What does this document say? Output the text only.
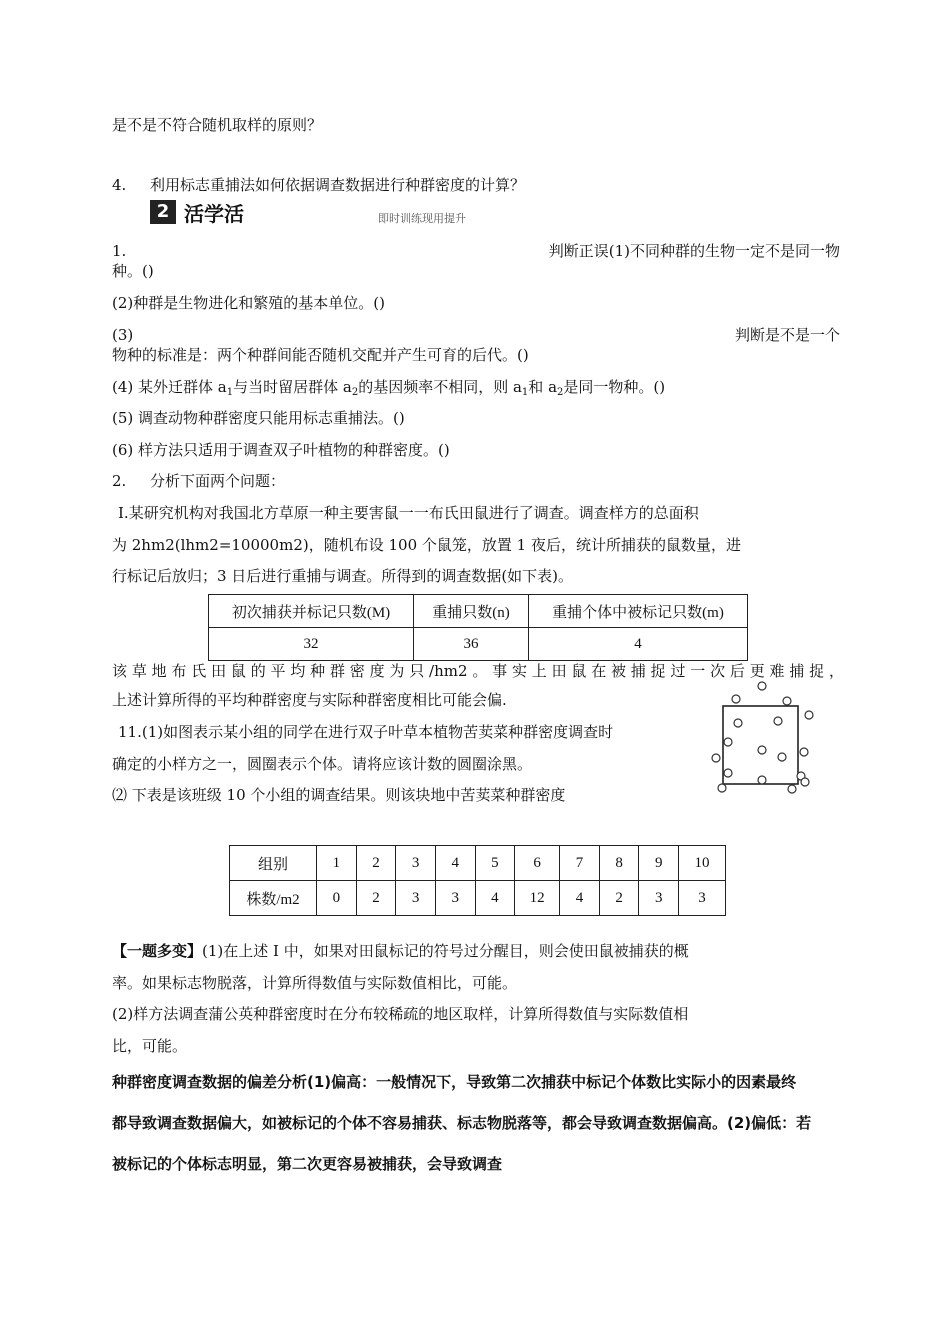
是不是不符合随机取样的原则？
4. 利用标志重捕法如何依据调查数据进行种群密度的计算？
2 活学活	即时训练现用提升
1.	判断正误(1)不同种群的生物一定不是同一物
种。()
(2)种群是生物进化和繁殖的基本单位。()
(3)	判断是不是一个
物种的标准是：两个种群间能否随机交配并产生可育的后代。()
(4) 某外迁群体 $a_1$与当时留居群体 $a_2$的基因频率不相同，则 $a_1$和 $a_2$是同一物种。()
(5) 调查动物种群密度只能用标志重捕法。()
(6) 样方法只适用于调查双子叶植物的种群密度。()
2. 分析下面两个问题：
I.某研究机构对我国北方草原一种主要害鼠一一布氏田鼠进行了调查。调查样方的总面积
为 2hm2(lhm2=10000m2)，随机布设 100 个鼠笼，放置 1 夜后，统计所捕获的鼠数量，进
行标记后放归；3 日后进行重捕与调查。所得到的调查数据(如下表)。
初次捕获并标记只数(M)	重捕只数(n)	重捕个体中被标记只数(m)
32	36	4
该草地布氏田鼠的平均种群密度为只/hm2。事实上田鼠在被捕捉过一次后更难捕捉，
上述计算所得的平均种群密度与实际种群密度相比可能会偏.
11.(1)如图表示某小组的同学在进行双子叶草本植物苦荬菜种群密度调查时
确定的小样方之一，圆圈表示个体。请将应该计数的圆圈涂黑。
⑵ 下表是该班级 10 个小组的调查结果。则该块地中苦荬菜种群密度
组别	1	2	3	4	5	6	7	8	9	10
株数/m2	0	2	3	3	4	12	4	2	3	3
【一题多变】(1)在上述 I 中，如果对田鼠标记的符号过分醒目，则会使田鼠被捕获的概
率。如果标志物脱落，计算所得数值与实际数值相比，可能。
(2)样方法调查蒲公英种群密度时在分布较稀疏的地区取样，计算所得数值与实际数值相
比，可能。
种群密度调查数据的偏差分析(1)偏高：一般情况下，导致第二次捕获中标记个体数比实际小的因素最终
都导致调查数据偏大，如被标记的个体不容易捕获、标志物脱落等，都会导致调查数据偏高。(2)偏低：若
被标记的个体标志明显，第二次更容易被捕获，会导致调查
